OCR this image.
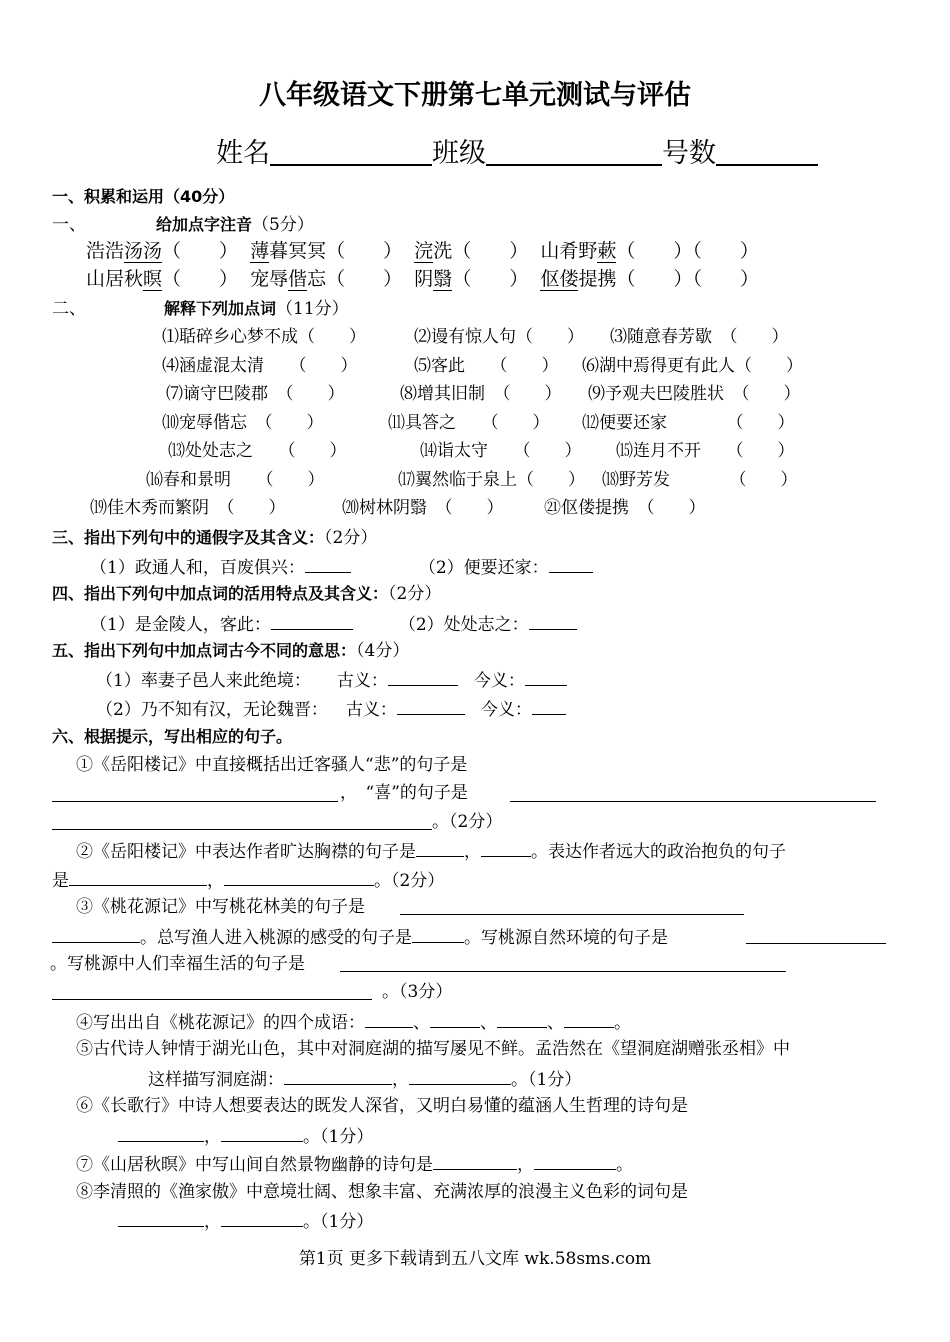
八年级语文下册第七单元测试与评估
姓名	班级	号数
一、积累和运用（40分）
一、	给加点字注音（5分）
浩浩汤汤（　　） 薄暮冥冥（　　） 浣洗（　　） 山肴野蔌（　　）（　　）
山居秋暝（　　） 宠辱偕忘（　　） 阴翳（　　） 伛偻提携（　　）（　　）
二、	解释下列加点词（11分）
⑴聒碎乡心梦不成（　　）	⑵谩有惊人句（　　） ⑶随意春芳歇　（　　）
⑷涵虚混太清　　（　　）	⑸客此　　（　　） ⑹湖中焉得更有此人（　　）
⑺谪守巴陵郡　（　　）	⑻增其旧制　（　　） ⑼予观夫巴陵胜状　（　　）
⑽宠辱偕忘　（　　）	⑾具答之　　（　　） ⑿便要还家　　　　（　　）
⒀处处志之　　（　　）	⒁诣太守　　（　　） ⒂连月不开　　（　　）
⒃春和景明　　（　　）	⒄翼然临于泉上（　　） ⒅野芳发　　　　（　　）
⒆佳木秀而繁阴　（　　）	⒇树林阴翳　（　　） ㉑伛偻提携　（　　）
三、指出下列句中的通假字及其含义：（2分）
（1）政通人和，百废俱兴：	（2）便要还家：
四、指出下列句中加点词的活用特点及其含义：（2分）
（1）是金陵人，客此：	（2）处处志之：
五、指出下列句中加点词古今不同的意思：（4分）
（1）率妻子邑人来此绝境： 古义：	今义：
（2）乃不知有汉，无论魏晋： 古义：	今义：
六、根据提示，写出相应的句子。
①《岳阳楼记》中直接概括出迁客骚人“悲”的句子是
，　“喜”的句子是
。（2分）
②《岳阳楼记》中表达作者旷达胸襟的句子是	，	。表达作者远大的政治抱负的句子
是	，	。（2分）
③《桃花源记》中写桃花林美的句子是
。总写渔人进入桃源的感受的句子是	。写桃源自然环境的句子是
。写桃源中人们幸福生活的句子是
。（3分）
④写出出自《桃花源记》的四个成语：	、	、	、	。
⑤古代诗人钟情于湖光山色，其中对洞庭湖的描写屡见不鲜。孟浩然在《望洞庭湖赠张丞相》中
这样描写洞庭湖：	，	。（1分）
⑥《长歌行》中诗人想要表达的既发人深省，又明白易懂的蕴涵人生哲理的诗句是
，	。（1分）
⑦《山居秋暝》中写山间自然景物幽静的诗句是	，	。
⑧李清照的《渔家傲》中意境壮阔、想象丰富、充满浓厚的浪漫主义色彩的词句是
，	。（1分）
第1页 更多下载请到五八文库 wk.58sms.com
